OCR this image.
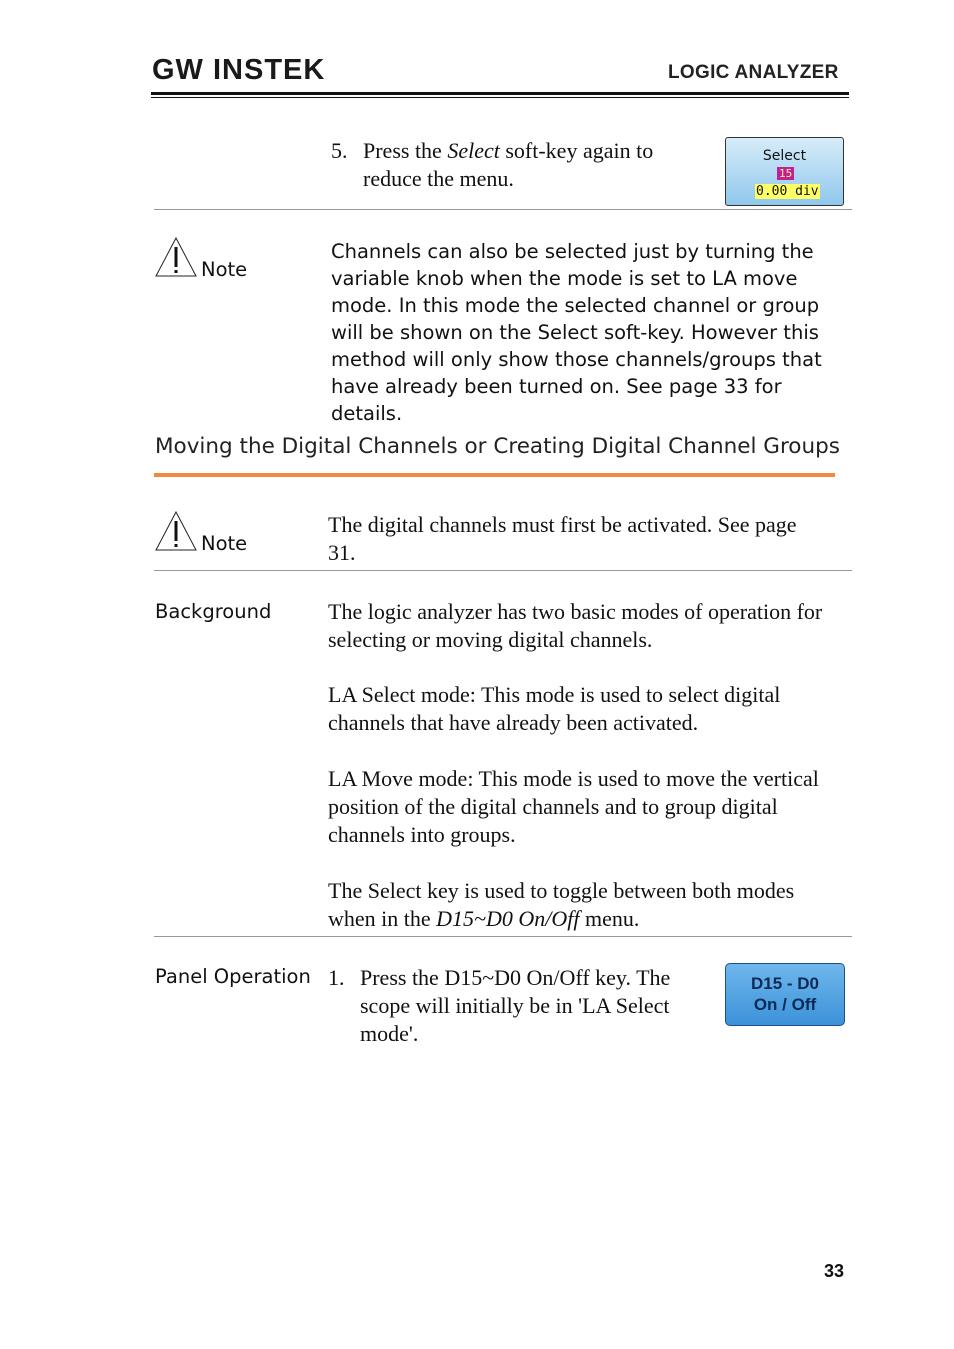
GW INSTEK	LOGIC ANALYZER
5. Press the Select soft-key again to reduce the menu.
Select
15
0.00 div
Note
Channels can also be selected just by turning the variable knob when the mode is set to LA move mode. In this mode the selected channel or group will be shown on the Select soft-key. However this method will only show those channels/groups that have already been turned on. See page 33 for details.
Moving the Digital Channels or Creating Digital Channel Groups
Note
The digital channels must first be activated. See page 31.
Background	The logic analyzer has two basic modes of operation for selecting or moving digital channels.
LA Select mode: This mode is used to select digital channels that have already been activated.
LA Move mode: This mode is used to move the vertical position of the digital channels and to group digital channels into groups.
The Select key is used to toggle between both modes when in the D15~D0 On/Off menu.
Panel Operation 1. Press the D15~D0 On/Off key. The scope will initially be in 'LA Select mode'.
D15 - D0
On / Off
33
